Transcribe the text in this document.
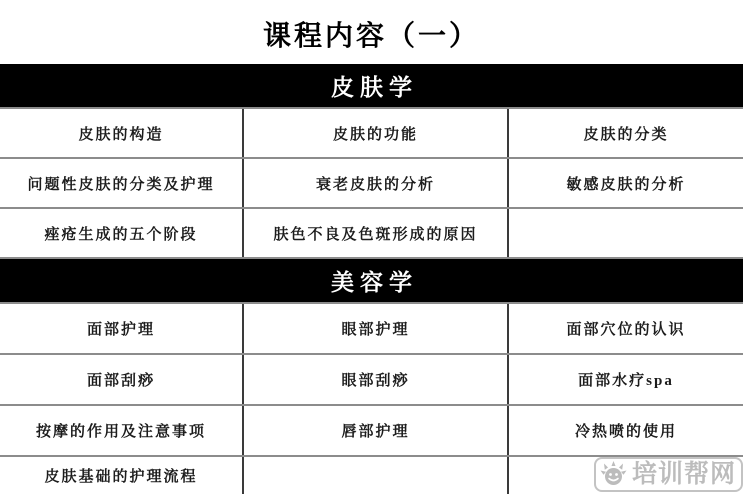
课程内容（一）
皮肤学
皮肤的构造	皮肤的功能	皮肤的分类
问题性皮肤的分类及护理	衰老皮肤的分析	敏感皮肤的分析
痤疮生成的五个阶段	肤色不良及色斑形成的原因
美容学
面部护理	眼部护理	面部穴位的认识
面部刮痧	眼部刮痧	面部水疗spa
按摩的作用及注意事项	唇部护理	冷热喷的使用
皮肤基础的护理流程	培训帮网
